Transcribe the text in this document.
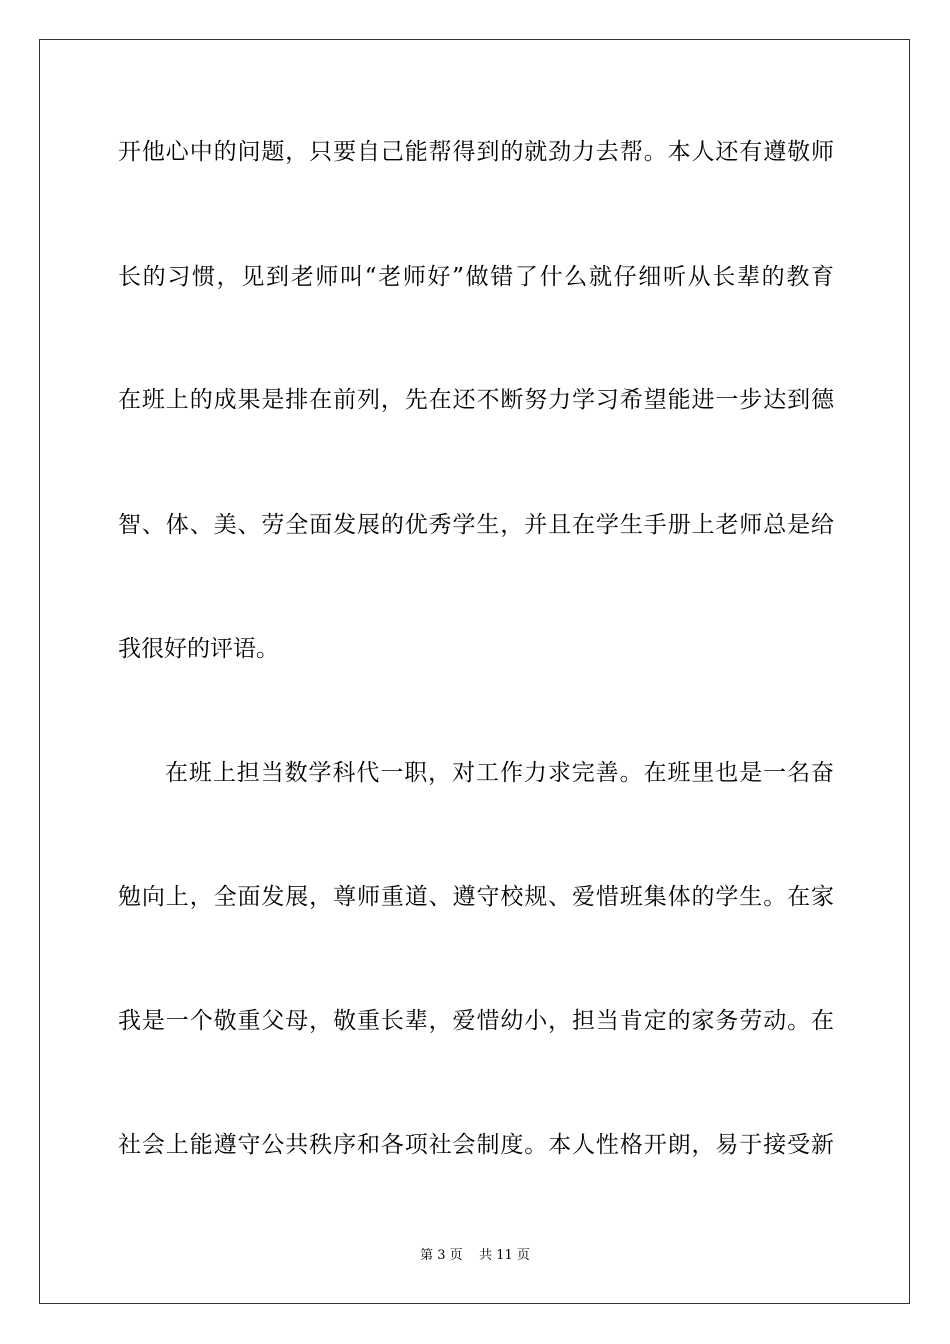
开他心中的问题，只要自己能帮得到的就劲力去帮。本人还有遵敬师
长的习惯，见到老师叫“老师好”做错了什么就仔细听从长辈的教育
在班上的成果是排在前列，先在还不断努力学习希望能进一步达到德
智、体、美、劳全面发展的优秀学生，并且在学生手册上老师总是给
我很好的评语。
在班上担当数学科代一职，对工作力求完善。在班里也是一名奋
勉向上，全面发展，尊师重道、遵守校规、爱惜班集体的学生。在家
我是一个敬重父母，敬重长辈，爱惜幼小，担当肯定的家务劳动。在
社会上能遵守公共秩序和各项社会制度。本人性格开朗，易于接受新
第 3 页    共 11 页
